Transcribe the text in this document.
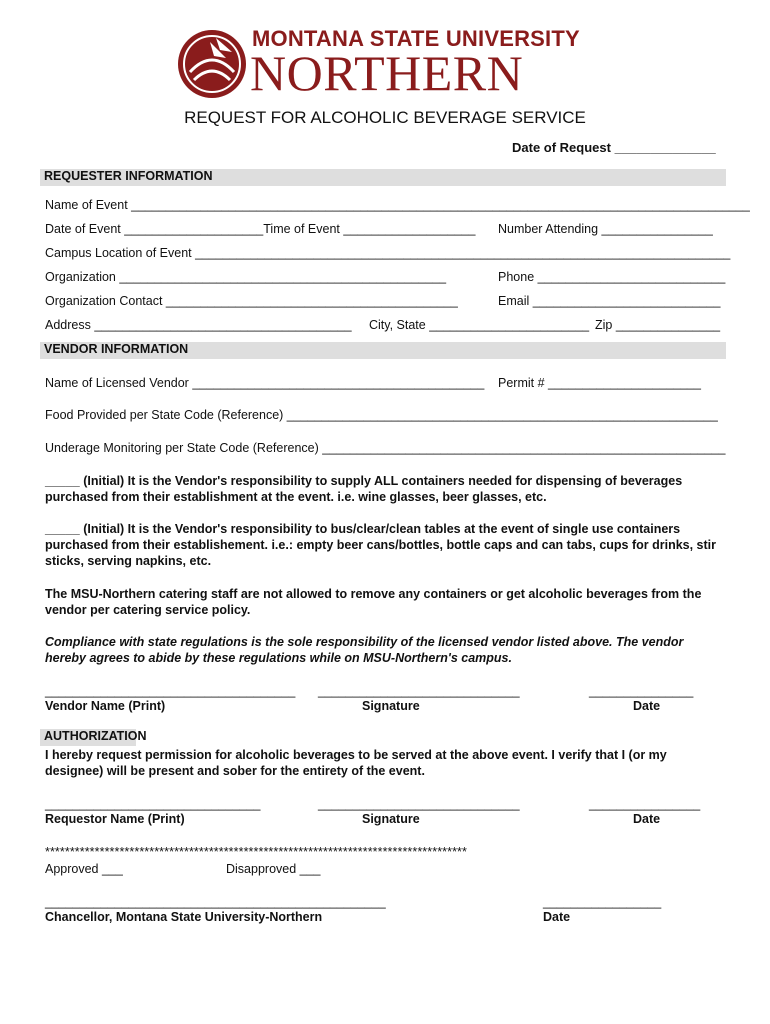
MONTANA STATE UNIVERSITY
NORTHERN
REQUEST FOR ALCOHOLIC BEVERAGE SERVICE
Date of Request ______________
REQUESTER INFORMATION
Name of Event _________________________________________________________________________________________
Date of Event ____________________Time of Event ___________________ Number Attending ________________
Campus Location of Event _____________________________________________________________________________
Organization _______________________________________________	Phone ___________________________
Organization Contact __________________________________________	Email ___________________________
Address _____________________________________ City, State _______________________ Zip _______________
VENDOR INFORMATION
Name of Licensed Vendor __________________________________________ Permit # ______________________
Food Provided per State Code (Reference) ______________________________________________________________
Underage Monitoring per State Code (Reference) __________________________________________________________
_____ (Initial) It is the Vendor's responsibility to supply ALL containers needed for dispensing of beverages purchased from their establishment at the event. i.e. wine glasses, beer glasses, etc.
_____ (Initial) It is the Vendor's responsibility to bus/clear/clean tables at the event of single use containers purchased from their establishement. i.e.: empty beer cans/bottles, bottle caps and can tabs, cups for drinks, stir sticks, serving napkins, etc.
The MSU-Northern catering staff are not allowed to remove any containers or get alcoholic beverages from the vendor per catering service policy.
Compliance with state regulations is the sole responsibility of the licensed vendor listed above. The vendor hereby agrees to abide by these regulations while on MSU-Northern's campus.
____________________________________ _____________________________	_______________
Vendor Name (Print)	Signature	Date
AUTHORIZATION
I hereby request permission for alcoholic beverages to be served at the above event. I verify that I (or my designee) will be present and sober for the entirety of the event.
_______________________________	_____________________________	________________
Requestor Name (Print)	Signature	Date
*************************************************************************************
Approved ___	Disapproved ___
_________________________________________________	_________________
Chancellor, Montana State University-Northern	Date
